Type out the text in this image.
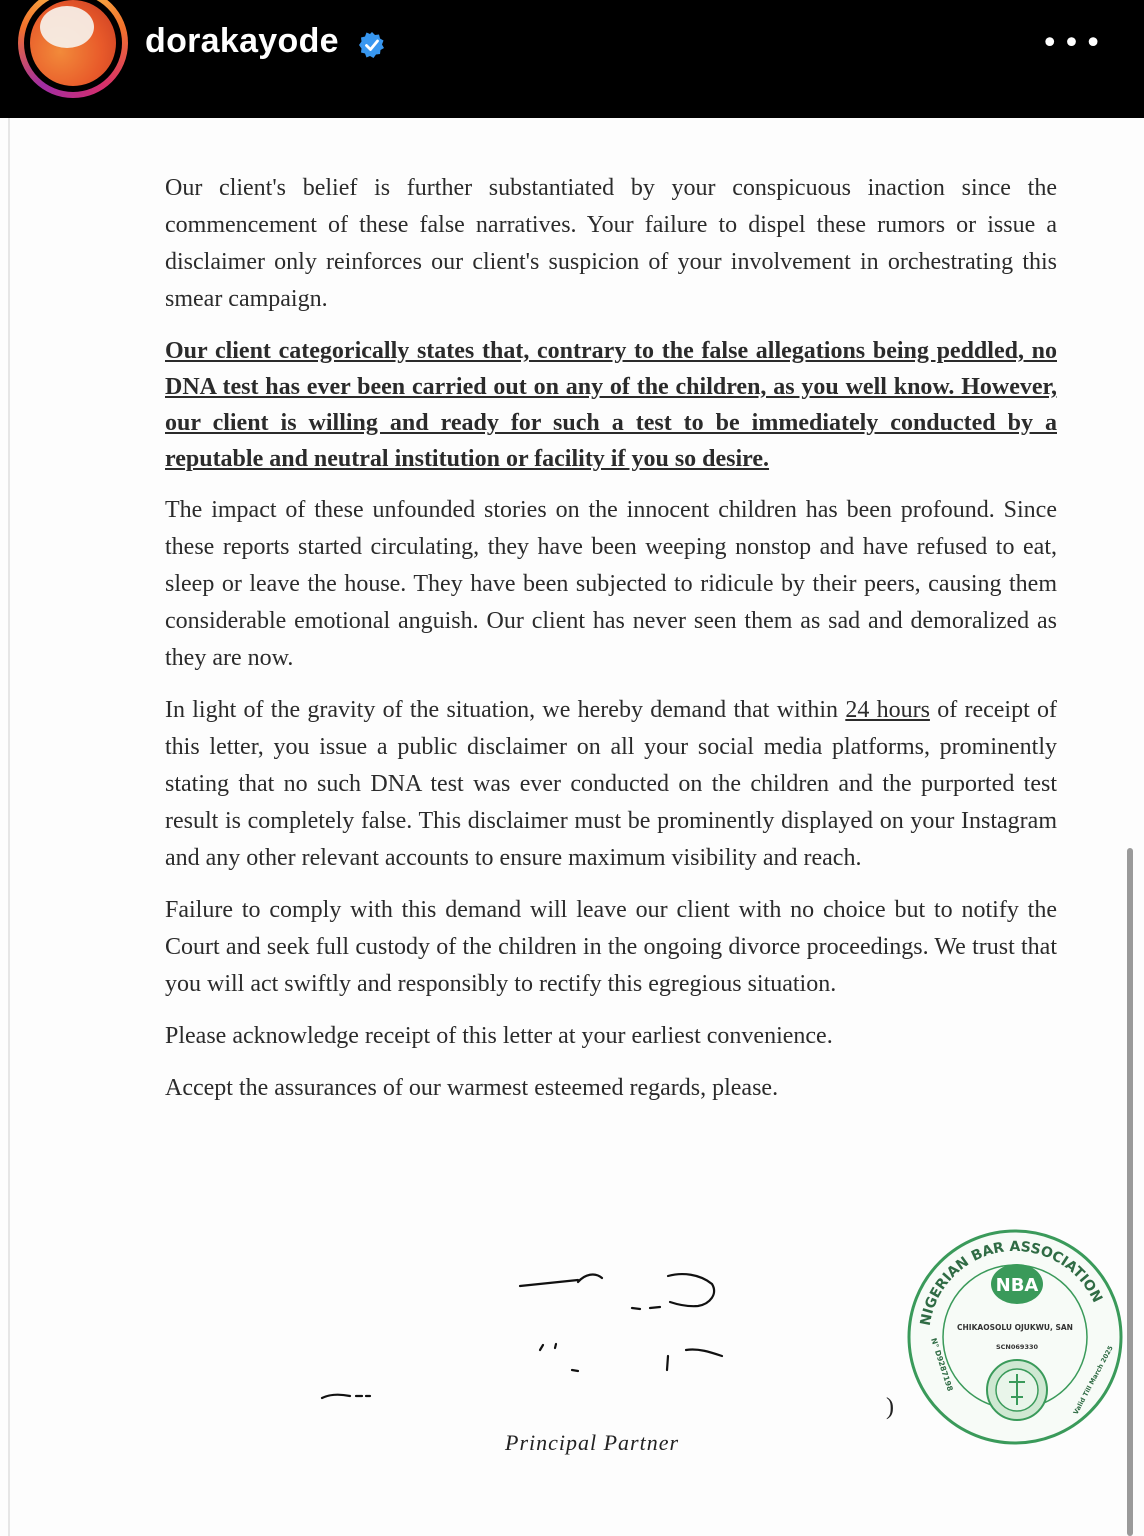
dorakayode	•••

Our client's belief is further substantiated by your conspicuous inaction since the commencement of these false narratives. Your failure to dispel these rumors or issue a disclaimer only reinforces our client's suspicion of your involvement in orchestrating this smear campaign.

Our client categorically states that, contrary to the false allegations being peddled, no DNA test has ever been carried out on any of the children, as you well know. However, our client is willing and ready for such a test to be immediately conducted by a reputable and neutral institution or facility if you so desire.

The impact of these unfounded stories on the innocent children has been profound. Since these reports started circulating, they have been weeping nonstop and have refused to eat, sleep or leave the house. They have been subjected to ridicule by their peers, causing them considerable emotional anguish. Our client has never seen them as sad and demoralized as they are now.

In light of the gravity of the situation, we hereby demand that within 24 hours of receipt of this letter, you issue a public disclaimer on all your social media platforms, prominently stating that no such DNA test was ever conducted on the children and the purported test result is completely false. This disclaimer must be prominently displayed on your Instagram and any other relevant accounts to ensure maximum visibility and reach.

Failure to comply with this demand will leave our client with no choice but to notify the Court and seek full custody of the children in the ongoing divorce proceedings. We trust that you will act swiftly and responsibly to rectify this egregious situation.

Please acknowledge receipt of this letter at your earliest convenience.

Accept the assurances of our warmest esteemed regards, please.

Principal Partner
)
NIGERIAN BAR ASSOCIATION
NBA
CHIKAOSOLU OJUKWU, SAN
SCN069330
N° D9287198	Valid Till March 2025
